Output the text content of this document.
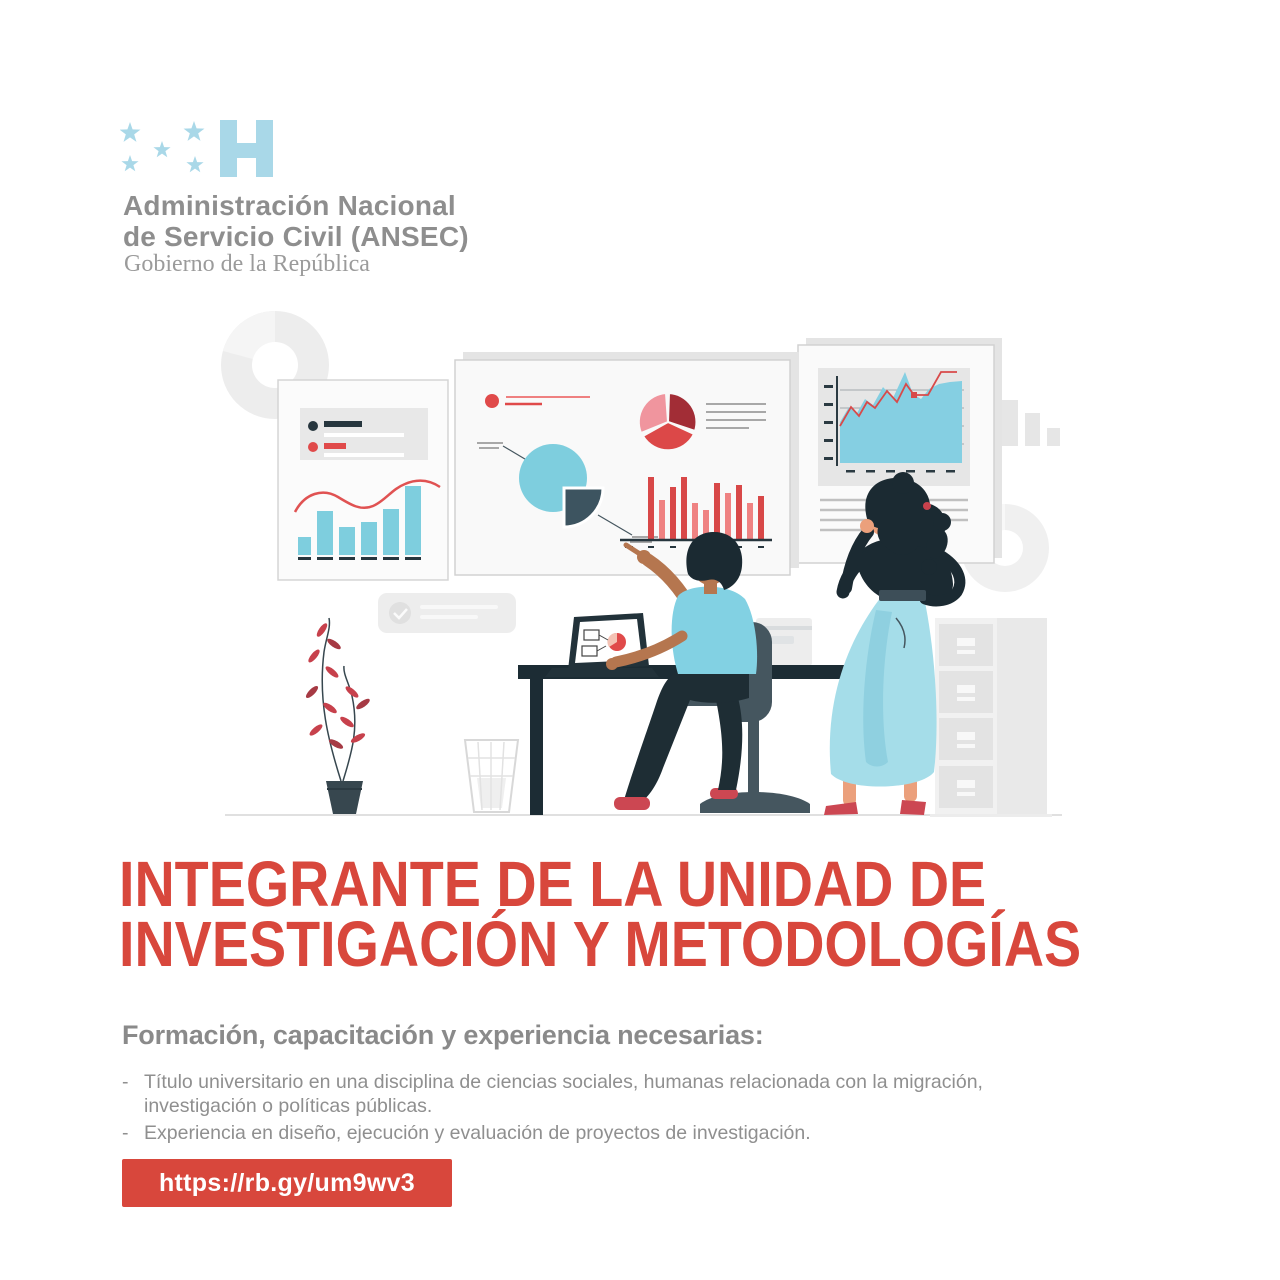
Administración Nacional
de Servicio Civil (ANSEC)
Gobierno de la República
INTEGRANTE DE LA UNIDAD DE
INVESTIGACIÓN Y METODOLOGÍAS
Formación, capacitación y experiencia necesarias:
- Título universitario en una disciplina de ciencias sociales, humanas relacionada con la migración, investigación o políticas públicas.
- Experiencia en diseño, ejecución y evaluación de proyectos de investigación.
https://rb.gy/um9wv3
